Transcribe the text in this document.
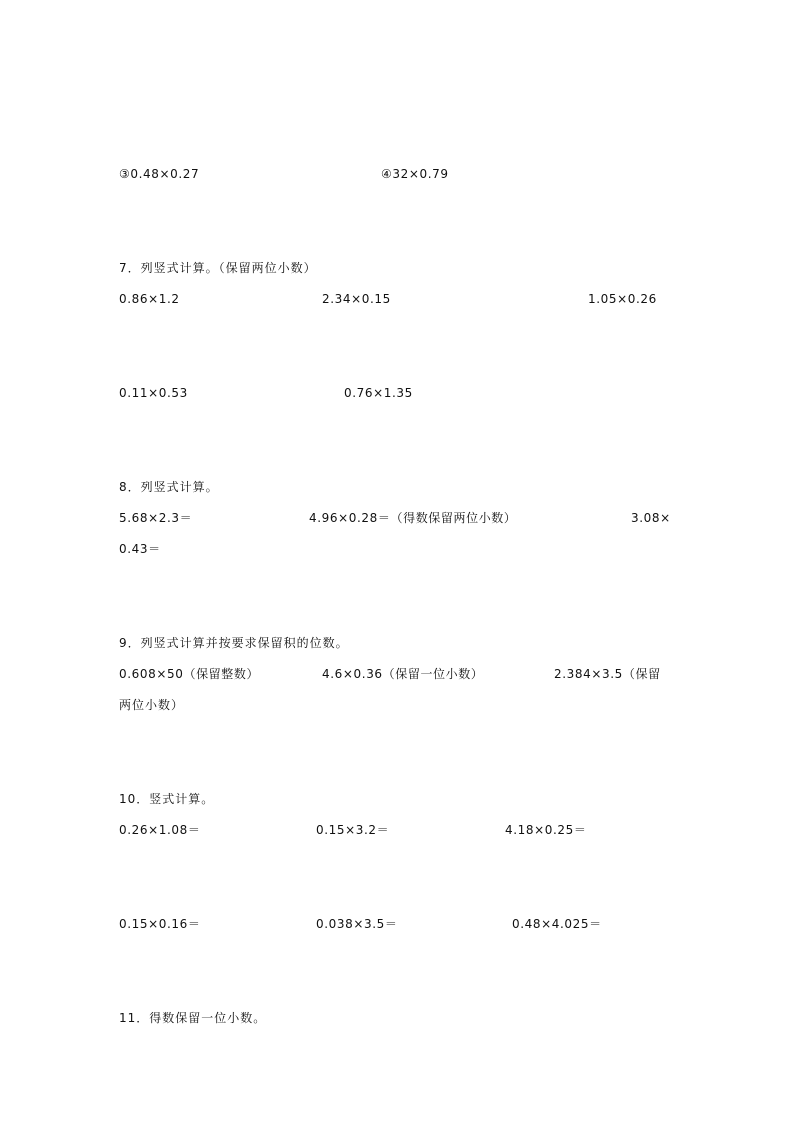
③0.48×0.27	④32×0.79
7．列竖式计算。（保留两位小数）
0.86×1.2	2.34×0.15	1.05×0.26
0.11×0.53	0.76×1.35
8．列竖式计算。
5.68×2.3＝	4.96×0.28＝（得数保留两位小数）	3.08×
0.43＝
9．列竖式计算并按要求保留积的位数。
0.608×50（保留整数）	4.6×0.36（保留一位小数）	2.384×3.5（保留
两位小数）
10．竖式计算。
0.26×1.08＝	0.15×3.2＝	4.18×0.25＝
0.15×0.16＝	0.038×3.5＝	0.48×4.025＝
11．得数保留一位小数。
